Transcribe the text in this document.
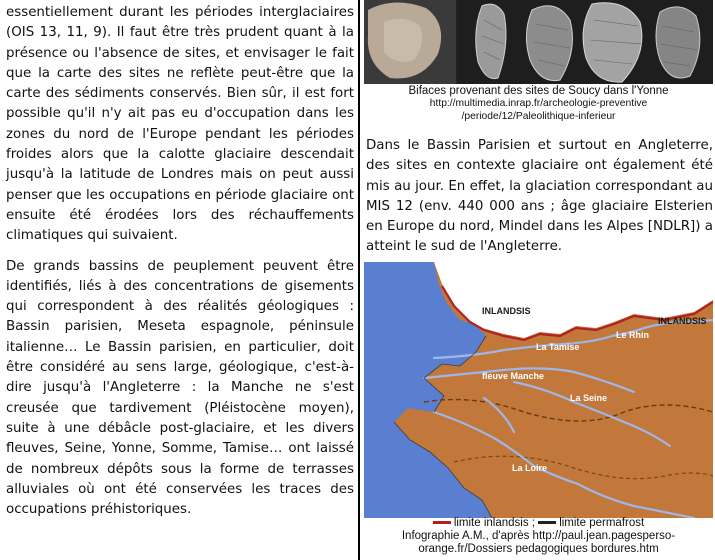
essentiellement durant les périodes interglaciaires (OIS 13, 11, 9). Il faut être très prudent quant à la présence ou l'absence de sites, et envisager le fait que la carte des sites ne reflète peut-être que la carte des sédiments conservés. Bien sûr, il est fort possible qu'il n'y ait pas eu d'occupation dans les zones du nord de l'Europe pendant les périodes froides alors que la calotte glaciaire descendait jusqu'à la latitude de Londres mais on peut aussi penser que les occupations en période glaciaire ont ensuite été érodées lors des réchauffements climatiques qui suivaient.

De grands bassins de peuplement peuvent être identifiés, liés à des concentrations de gisements qui correspondent à des réalités géologiques : Bassin parisien, Meseta espagnole, péninsule italienne… Le Bassin parisien, en particulier, doit être considéré au sens large, géologique, c'est-à-dire jusqu'à l'Angleterre : la Manche ne s'est creusée que tardivement (Pléistocène moyen), suite à une débâcle post-glaciaire, et les divers fleuves, Seine, Yonne, Somme, Tamise… ont laissé de nombreux dépôts sous la forme de terrasses alluviales où ont été conservées les traces des occupations préhistoriques.

Bifaces provenant des sites de Soucy dans l'Yonne
http://multimedia.inrap.fr/archeologie-preventive
/periode/12/Paleolithique-inferieur

Dans le Bassin Parisien et surtout en Angleterre, des sites en contexte glaciaire ont également été mis au jour. En effet, la glaciation correspondant au MIS 12 (env. 440 000 ans ; âge glaciaire Elsterien en Europe du nord, Mindel dans les Alpes [NDLR]) a atteint le sud de l'Angleterre.

INLANDSIS
INLANDSIS
Le Rhin
La Tamise
fleuve Manche
La Seine
La Loire
limite inlandsis ; limite permafrost
Infographie A.M., d'après http://paul.jean.pagesperso-
orange.fr/Dossiers pedagogiques bordures.htm
